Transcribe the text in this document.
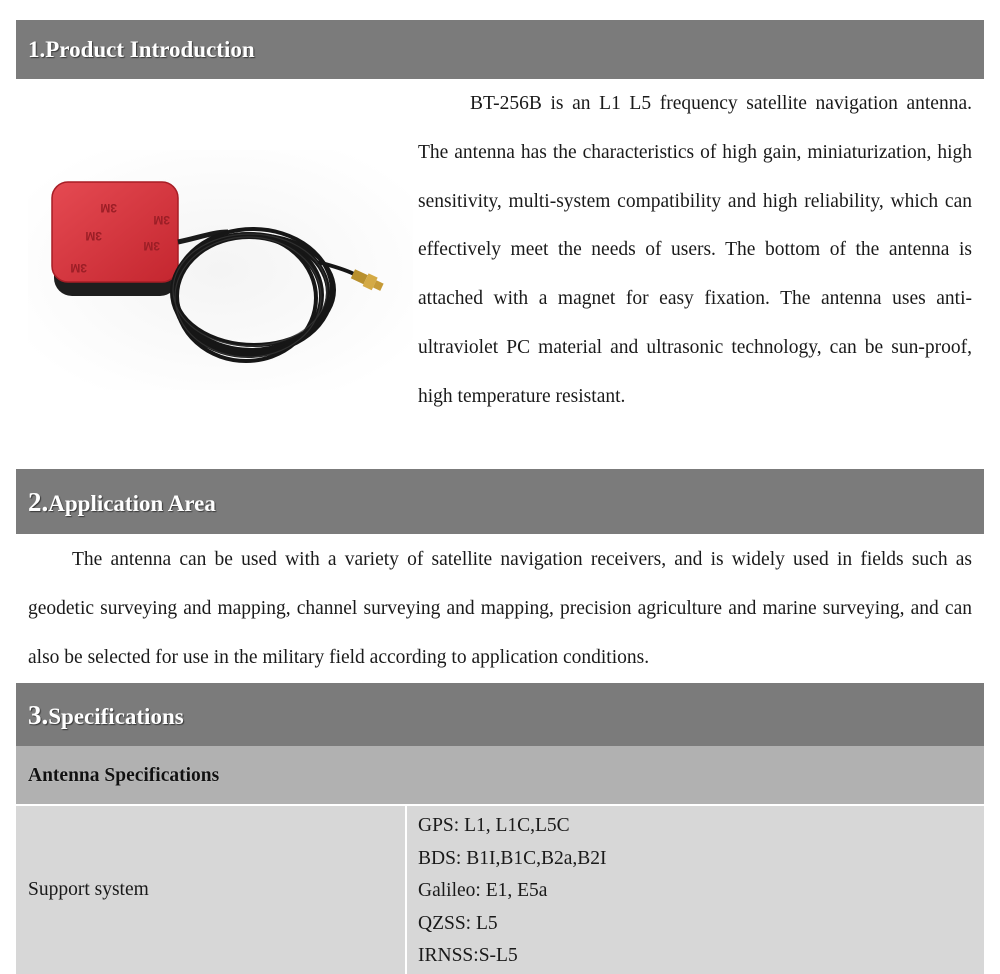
1.Product Introduction
3M
3M
3M
3M
3M

BT-256B is an L1 L5 frequency satellite navigation antenna. The antenna has the characteristics of high gain, miniaturization, high sensitivity, multi-system compatibility and high reliability, which can effectively meet the needs of users. The bottom of the antenna is attached with a magnet for easy fixation. The antenna uses anti-ultraviolet PC material and ultrasonic technology, can be sun-proof, high temperature resistant.

2.Application Area

The antenna can be used with a variety of satellite navigation receivers, and is widely used in fields such as geodetic surveying and mapping, channel surveying and mapping, precision agriculture and marine surveying, and can also be selected for use in the military field according to application conditions.

3.Specifications
Antenna Specifications
Support system
GPS: L1, L1C,L5C
BDS: B1I,B1C,B2a,B2I
Galileo: E1, E5a
QZSS: L5
IRNSS:S-L5
